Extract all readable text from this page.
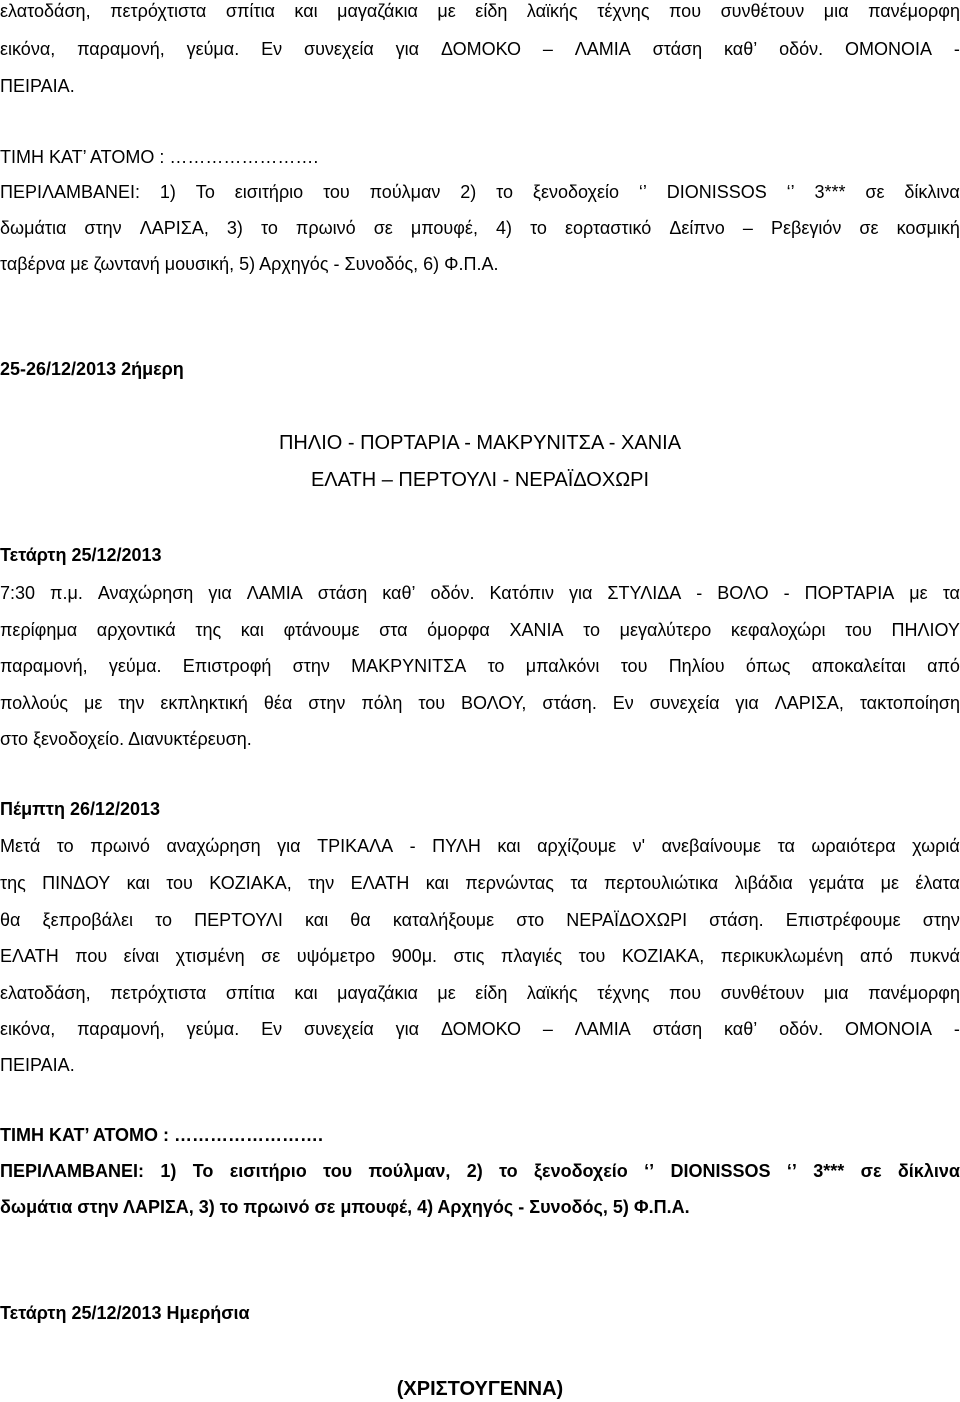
ελατοδάση, πετρόχτιστα σπίτια και μαγαζάκια με είδη λαϊκής τέχνης που συνθέτουν μια πανέμορφη
εικόνα, παραμονή, γεύμα. Εν συνεχεία για ΔΟΜΟΚΟ – ΛΑΜΙΑ στάση καθ’ οδόν. ΟΜΟΝΟΙΑ -
ΠΕΙΡΑΙΑ.
ΤΙΜΗ ΚΑΤ’ ΑΤΟΜΟ : …………………….
ΠΕΡΙΛΑΜΒΑΝΕΙ: 1) Το εισιτήριο του πούλμαν 2) το ξενοδοχείο ‘’ DIONISSOS ‘’ 3*** σε δίκλινα
δωμάτια στην ΛΑΡΙΣΑ, 3) το πρωινό σε μπουφέ, 4) το εορταστικό Δείπνο – Ρεβεγιόν σε κοσμική
ταβέρνα με ζωντανή μουσική, 5) Αρχηγός - Συνοδός, 6) Φ.Π.Α.
25-26/12/2013 2ήμερη
ΠΗΛΙΟ - ΠΟΡΤΑΡΙΑ - ΜΑΚΡΥΝΙΤΣΑ - ΧΑΝΙΑ
ΕΛΑΤΗ – ΠΕΡΤΟΥΛΙ - ΝΕΡΑΪΔΟΧΩΡΙ
Τετάρτη 25/12/2013
7:30 π.μ. Αναχώρηση για ΛΑΜΙΑ στάση καθ’ οδόν. Κατόπιν για ΣΤΥΛΙΔΑ - ΒΟΛΟ - ΠΟΡΤΑΡΙΑ με τα
περίφημα αρχοντικά της και φτάνουμε στα όμορφα ΧΑΝΙΑ το μεγαλύτερο κεφαλοχώρι του ΠΗΛΙΟΥ
παραμονή, γεύμα. Επιστροφή στην ΜΑΚΡΥΝΙΤΣΑ το μπαλκόνι του Πηλίου όπως αποκαλείται από
πολλούς με την εκπληκτική θέα στην πόλη του ΒΟΛΟΥ, στάση. Εν συνεχεία για ΛΑΡΙΣΑ, τακτοποίηση
στο ξενοδοχείο. Διανυκτέρευση.
Πέμπτη 26/12/2013
Μετά το πρωινό αναχώρηση για ΤΡΙΚΑΛΑ - ΠΥΛΗ και αρχίζουμε ν' ανεβαίνουμε τα ωραιότερα χωριά
της ΠΙΝΔΟΥ και του ΚΟΖΙΑΚΑ, την ΕΛΑΤΗ και περνώντας τα περτουλιώτικα λιβάδια γεμάτα με έλατα
θα ξεπροβάλει το ΠΕΡΤΟΥΛΙ και θα καταλήξουμε στο ΝΕΡΑΪΔΟΧΩΡΙ στάση. Επιστρέφουμε στην
ΕΛΑΤΗ που είναι χτισμένη σε υψόμετρο 900μ. στις πλαγιές του ΚΟΖΙΑΚΑ, περικυκλωμένη από πυκνά
ελατοδάση, πετρόχτιστα σπίτια και μαγαζάκια με είδη λαϊκής τέχνης που συνθέτουν μια πανέμορφη
εικόνα, παραμονή, γεύμα. Εν συνεχεία για ΔΟΜΟΚΟ – ΛΑΜΙΑ στάση καθ’ οδόν. ΟΜΟΝΟΙΑ -
ΠΕΙΡΑΙΑ.
ΤΙΜΗ ΚΑΤ’ ΑΤΟΜΟ : …………………….
ΠΕΡΙΛΑΜΒΑΝΕΙ: 1) Το εισιτήριο του πούλμαν, 2) το ξενοδοχείο ‘’ DIONISSOS ‘’ 3*** σε δίκλινα
δωμάτια στην ΛΑΡΙΣΑ, 3) το πρωινό σε μπουφέ, 4) Αρχηγός - Συνοδός, 5) Φ.Π.Α.
Τετάρτη 25/12/2013 Ημερήσια
(ΧΡΙΣΤΟΥΓΕΝΝΑ)
